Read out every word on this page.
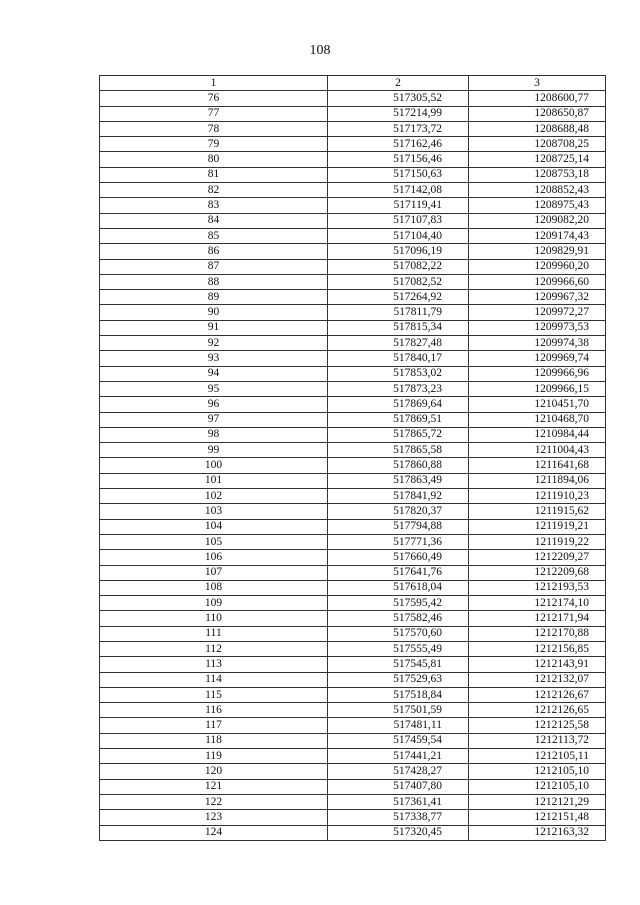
108
1	2	3
76	517305,52	1208600,77
77	517214,99	1208650,87
78	517173,72	1208688,48
79	517162,46	1208708,25
80	517156,46	1208725,14
81	517150,63	1208753,18
82	517142,08	1208852,43
83	517119,41	1208975,43
84	517107,83	1209082,20
85	517104,40	1209174,43
86	517096,19	1209829,91
87	517082,22	1209960,20
88	517082,52	1209966,60
89	517264,92	1209967,32
90	517811,79	1209972,27
91	517815,34	1209973,53
92	517827,48	1209974,38
93	517840,17	1209969,74
94	517853,02	1209966,96
95	517873,23	1209966,15
96	517869,64	1210451,70
97	517869,51	1210468,70
98	517865,72	1210984,44
99	517865,58	1211004,43
100	517860,88	1211641,68
101	517863,49	1211894,06
102	517841,92	1211910,23
103	517820,37	1211915,62
104	517794,88	1211919,21
105	517771,36	1211919,22
106	517660,49	1212209,27
107	517641,76	1212209,68
108	517618,04	1212193,53
109	517595,42	1212174,10
110	517582,46	1212171,94
111	517570,60	1212170,88
112	517555,49	1212156,85
113	517545,81	1212143,91
114	517529,63	1212132,07
115	517518,84	1212126,67
116	517501,59	1212126,65
117	517481,11	1212125,58
118	517459,54	1212113,72
119	517441,21	1212105,11
120	517428,27	1212105,10
121	517407,80	1212105,10
122	517361,41	1212121,29
123	517338,77	1212151,48
124	517320,45	1212163,32
